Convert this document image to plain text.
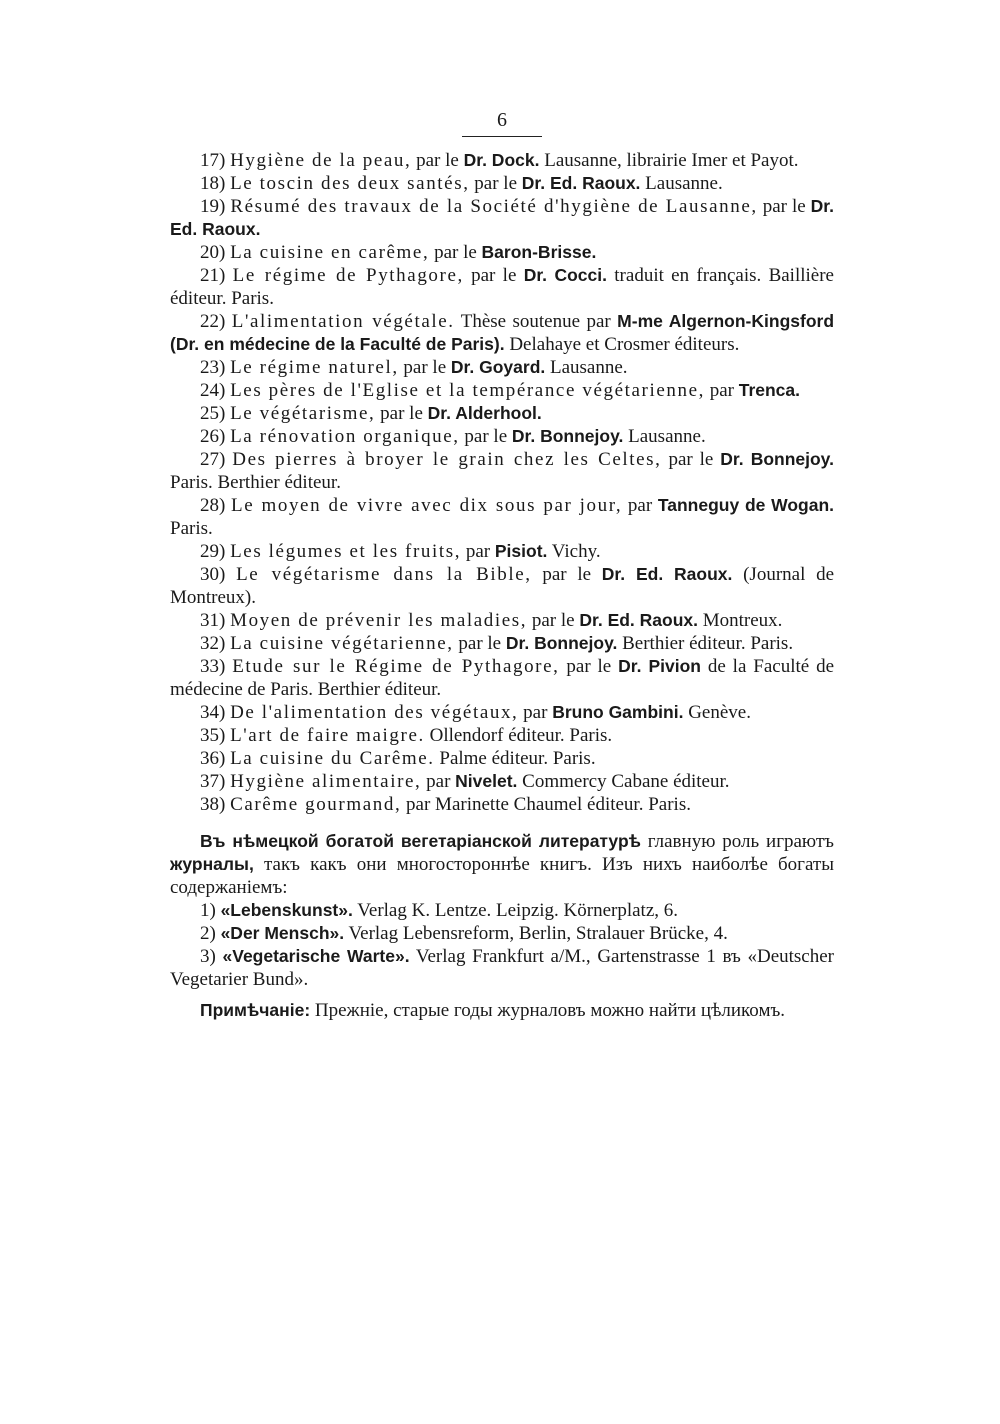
6

17) Hygiène de la peau, par le Dr. Dock. Lausanne, librairie Imer et Payot.

18) Le toscin des deux santés, par le Dr. Ed. Raoux. Lausanne.

19) Résumé des travaux de la Société d'hygiène de Lausanne, par le Dr. Ed. Raoux.

20) La cuisine en carême, par le Baron-Brisse.

21) Le régime de Pythagore, par le Dr. Cocci. traduit en français. Baillière éditeur. Paris.

22) L'alimentation végétale. Thèse soutenue par M-me Algernon-Kingsford (Dr. en médecine de la Faculté de Paris). Delahaye et Crosmer éditeurs.

23) Le régime naturel, par le Dr. Goyard. Lausanne.

24) Les pères de l'Eglise et la tempérance végétarienne, par Trenca.

25) Le végétarisme, par le Dr. Alderhool.

26) La rénovation organique, par le Dr. Bonnejoy. Lausanne.

27) Des pierres à broyer le grain chez les Celtes, par le Dr. Bonnejoy. Paris. Berthier éditeur.

28) Le moyen de vivre avec dix sous par jour, par Tanneguy de Wogan. Paris.

29) Les légumes et les fruits, par Pisiot. Vichy.

30) Le végétarisme dans la Bible, par le Dr. Ed. Raoux. (Journal de Montreux).

31) Moyen de prévenir les maladies, par le Dr. Ed. Raoux. Montreux.

32) La cuisine végétarienne, par le Dr. Bonnejoy. Berthier éditeur. Paris.

33) Etude sur le Régime de Pythagore, par le Dr. Pivion de la Faculté de médecine de Paris. Berthier éditeur.

34) De l'alimentation des végétaux, par Bruno Gambini. Genève.

35) L'art de faire maigre. Ollendorf éditeur. Paris.

36) La cuisine du Carême. Palme éditeur. Paris.

37) Hygiène alimentaire, par Nivelet. Commercy Cabane éditeur.

38) Carême gourmand, par Marinette Chaumel éditeur. Paris.

Въ нѣмецкой богатой вегетаріанской литературѣ главную роль играютъ журналы, такъ какъ они многостороннѣе книгъ. Изъ нихъ наиболѣе богаты содержаніемъ:

1) «Lebenskunst». Verlag K. Lentze. Leipzig. Körnerplatz, 6.

2) «Der Mensch». Verlag Lebensreform, Berlin, Stralauer Brücke, 4.

3) «Vegetarische Warte». Verlag Frankfurt a/M., Gartenstrasse 1 въ «Deutscher Vegetarier Bund».

Примѣчаніе: Прежніе, старые годы журналовъ можно найти цѣликомъ.
